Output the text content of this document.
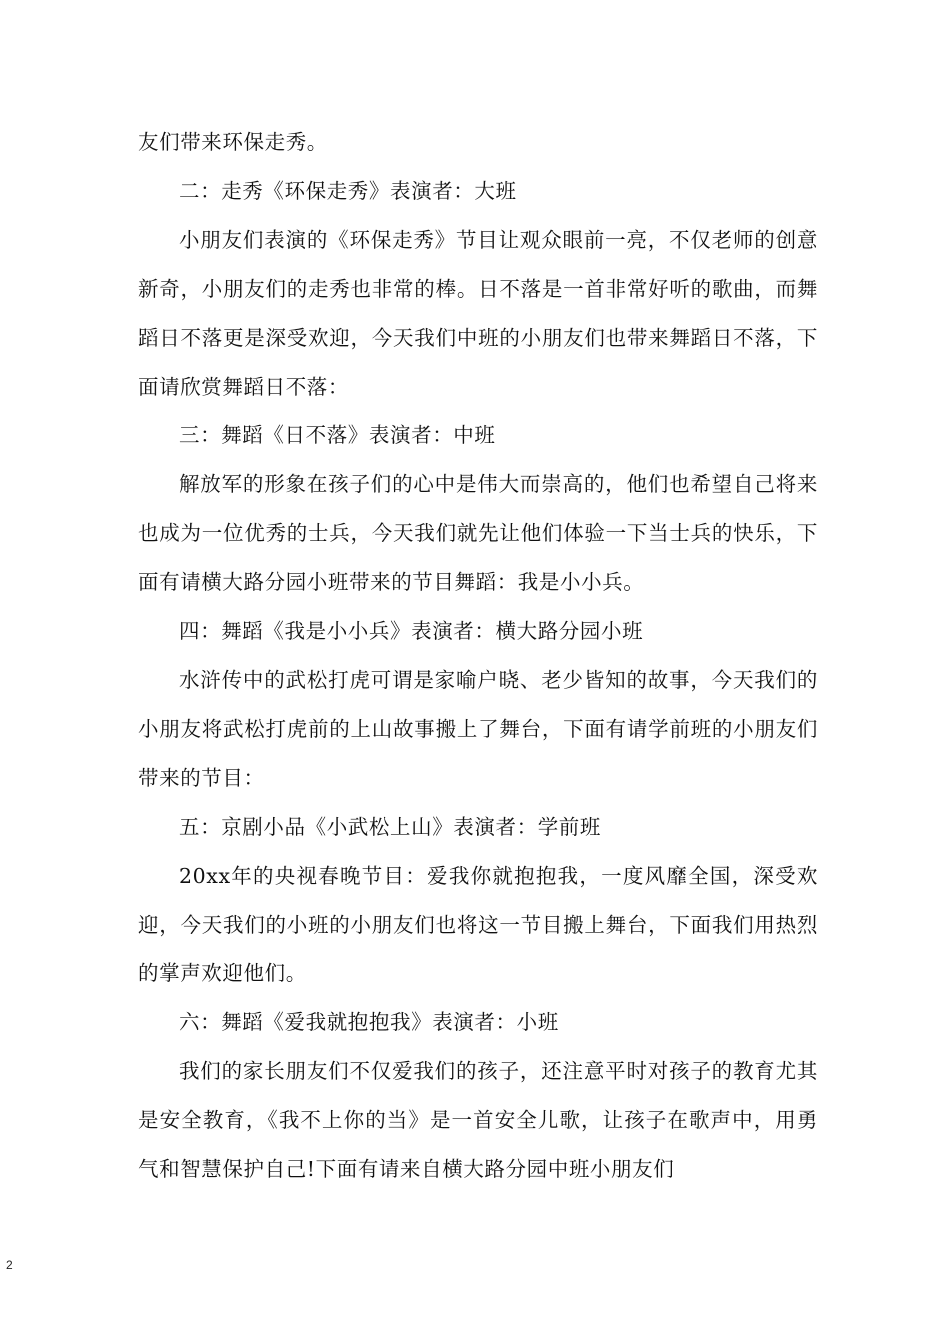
友们带来环保走秀。

二：走秀《环保走秀》表演者：大班

小朋友们表演的《环保走秀》节目让观众眼前一亮，不仅老师的创意新奇，小朋友们的走秀也非常的棒。日不落是一首非常好听的歌曲，而舞蹈日不落更是深受欢迎，今天我们中班的小朋友们也带来舞蹈日不落，下面请欣赏舞蹈日不落：

三：舞蹈《日不落》表演者：中班

解放军的形象在孩子们的心中是伟大而崇高的，他们也希望自己将来也成为一位优秀的士兵，今天我们就先让他们体验一下当士兵的快乐，下面有请横大路分园小班带来的节目舞蹈：我是小小兵。

四：舞蹈《我是小小兵》表演者：横大路分园小班

水浒传中的武松打虎可谓是家喻户晓、老少皆知的故事，今天我们的小朋友将武松打虎前的上山故事搬上了舞台，下面有请学前班的小朋友们带来的节目：

五：京剧小品《小武松上山》表演者：学前班

20xx年的央视春晚节目：爱我你就抱抱我，一度风靡全国，深受欢迎，今天我们的小班的小朋友们也将这一节目搬上舞台，下面我们用热烈的掌声欢迎他们。

六：舞蹈《爱我就抱抱我》表演者：小班

我们的家长朋友们不仅爱我们的孩子，还注意平时对孩子的教育尤其是安全教育，《我不上你的当》是一首安全儿歌，让孩子在歌声中，用勇气和智慧保护自己!下面有请来自横大路分园中班小朋友们

2
